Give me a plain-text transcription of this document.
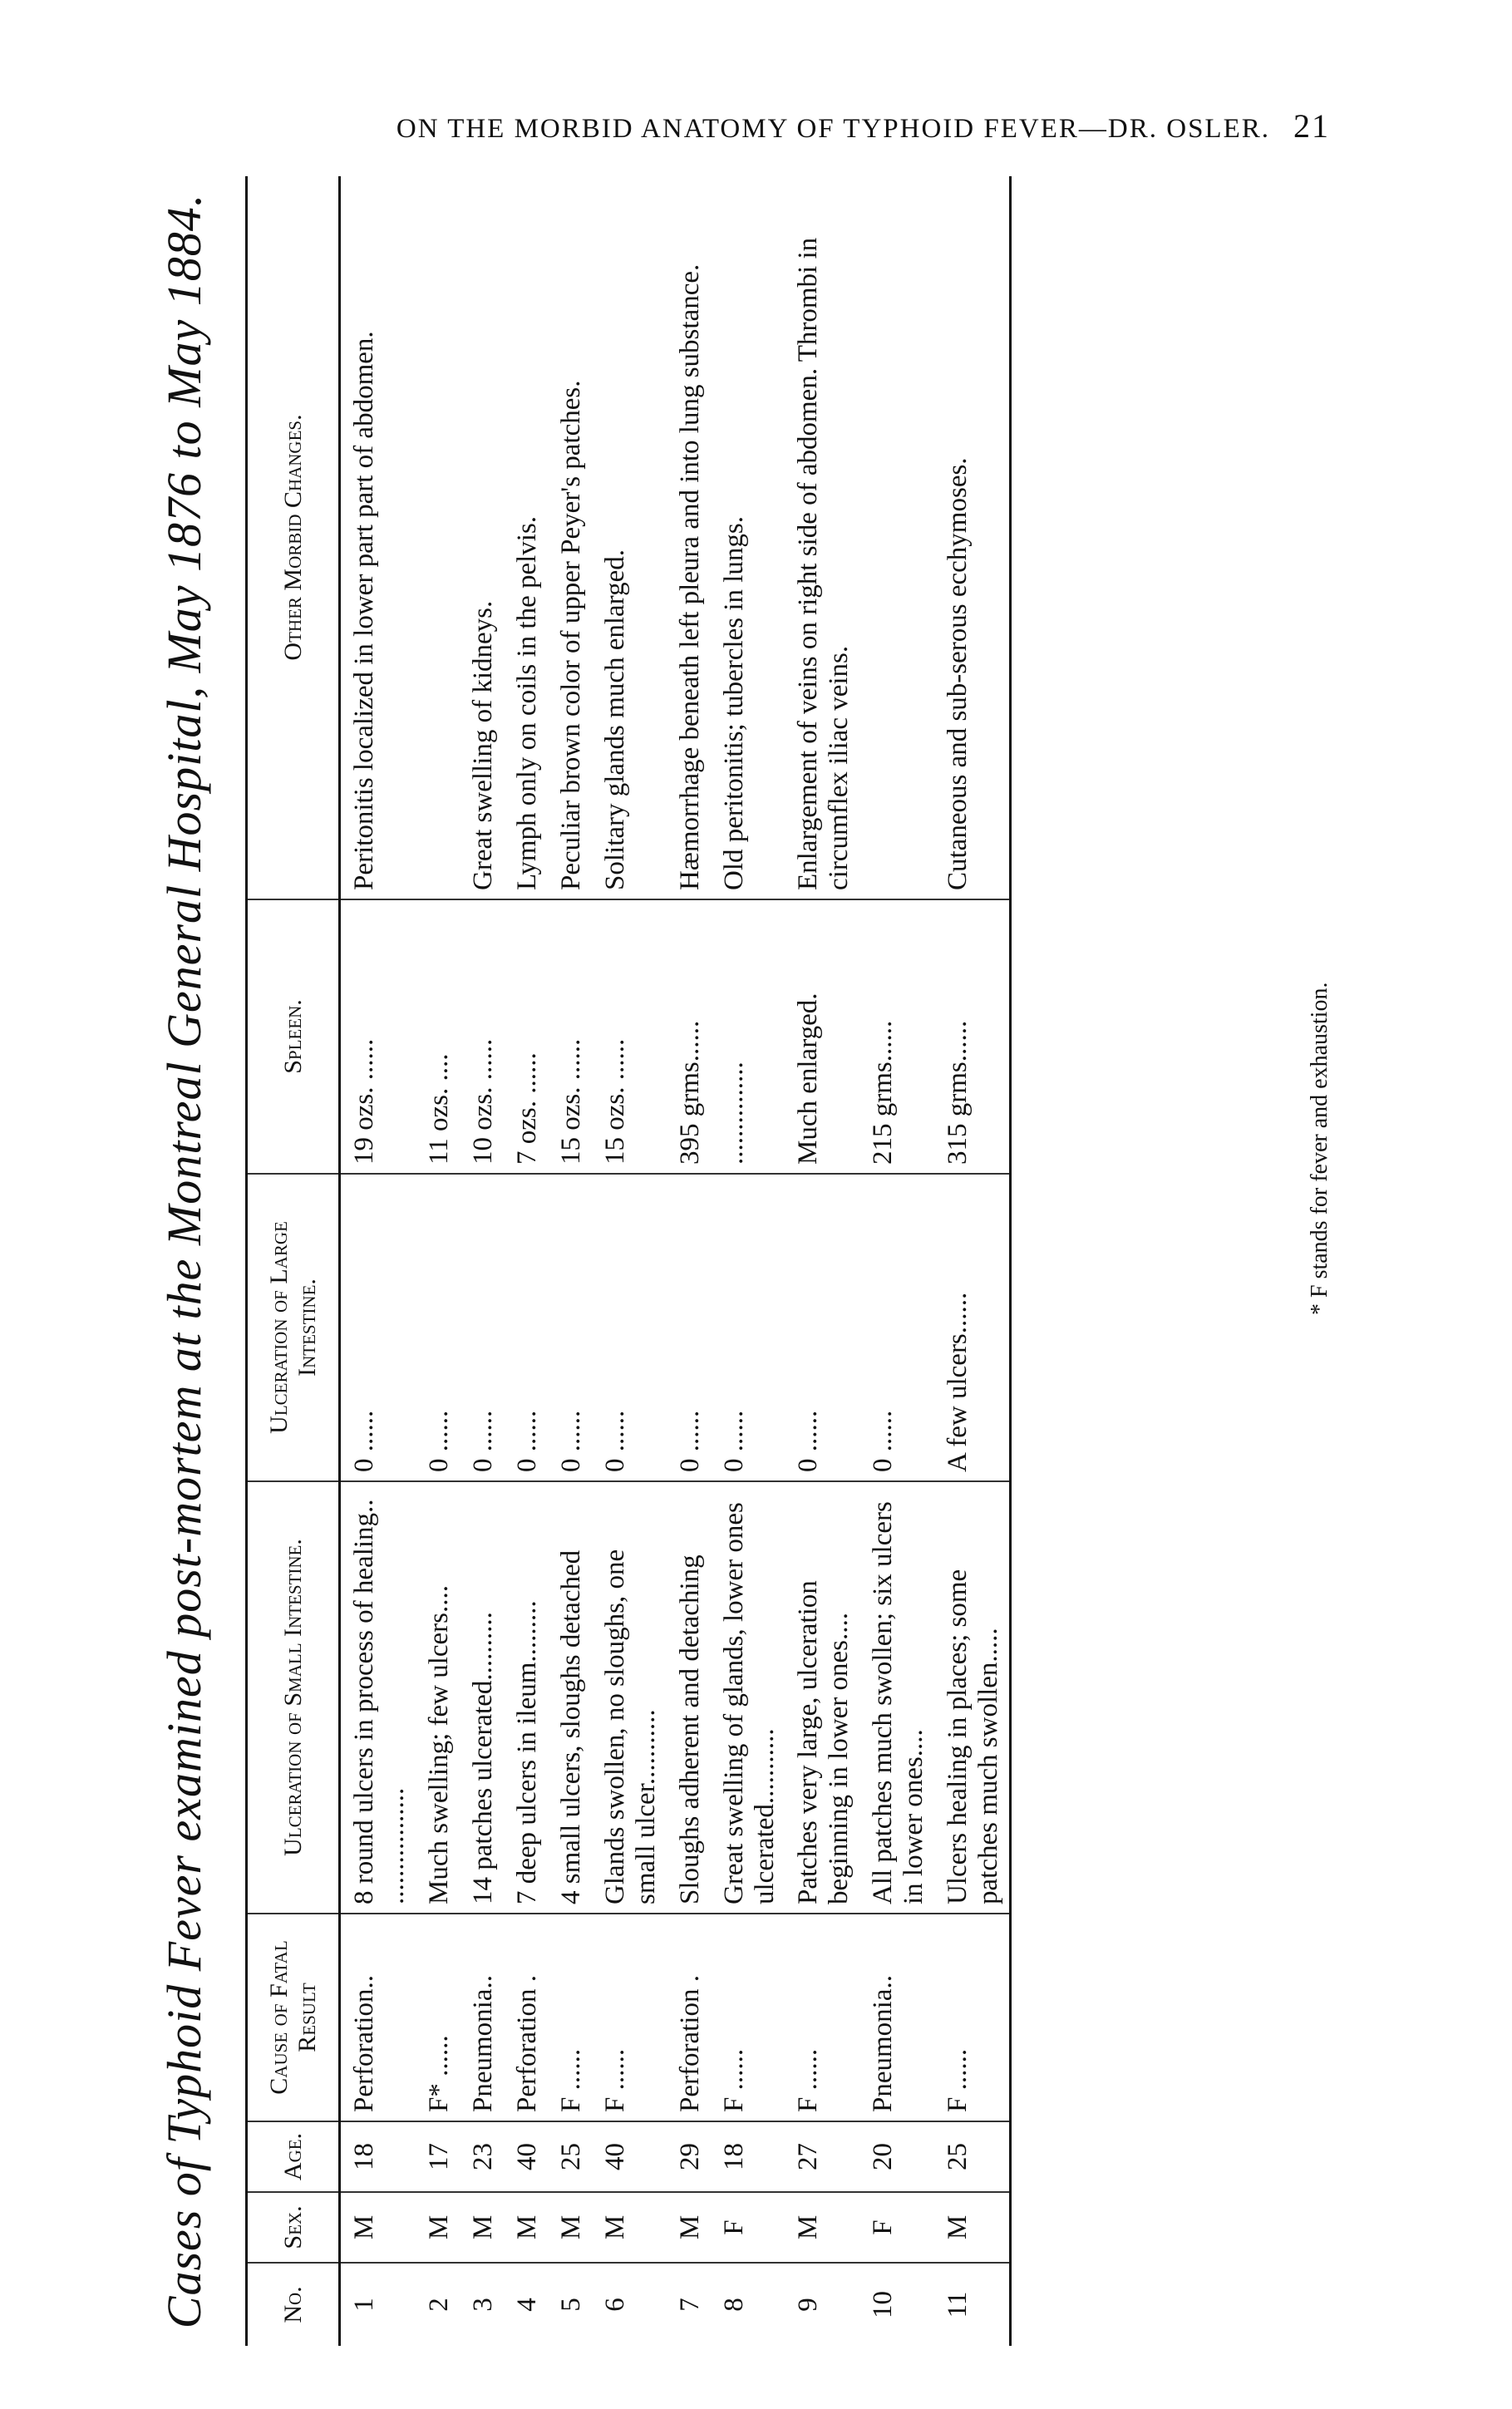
ON THE MORBID ANATOMY OF TYPHOID FEVER—DR. OSLER. 21
Cases of Typhoid Fever examined post-mortem at the Montreal General Hospital, May 1876 to May 1884.	No.	Sex.	Age.	Cause of Fatal Result	Ulceration of Small Intestine.	Ulceration of Large Intestine.	Spleen.	Other Morbid Changes.
1	M	18	Perforation..	8 round ulcers in process of healing.. .................	0 ......	19 ozs. ......	Peritonitis localized in lower part part of abdomen.
2	M	17	F* ......	Much swelling; few ulcers....	0 ......	11 ozs. ....	
3	M	23	Pneumonia..	14 patches ulcerated..........	0 ......	10 ozs. ......	Great swelling of kidneys.
4	M	40	Perforation .	7 deep ulcers in ileum.........	0 ......	7 ozs. ......	Lymph only on coils in the pelvis.
5	M	25	F ......	4 small ulcers, sloughs detached	0 ......	15 ozs. ......	Peculiar brown color of upper Peyer's patches.
6	M	40	F ......	Glands swollen, no sloughs, one small ulcer...........	0 ......	15 ozs. ......	Solitary glands much enlarged.
7	M	29	Perforation .	Sloughs adherent and detaching	0 ......	395 grms......	Hæmorrhage beneath left pleura and into lung substance.
8	F	18	F ......	Great swelling of glands, lower ones ulcerated...........	0 ......	...............	Old peritonitis; tubercles in lungs.
9	M	27	F ......	Patches very large, ulceration beginning in lower ones....	0 ......	Much enlarged.	Enlargement of veins on right side of abdomen. Thrombi in circumflex iliac veins.
10	F	20	Pneumonia..	All patches much swollen; six ulcers in lower ones....	0 ......	215 grms......	
11	M	25	F ......	Ulcers healing in places; some patches much swollen.....	A few ulcers......	315 grms......	Cutaneous and sub-serous ecchymoses.
* F stands for fever and exhaustion.
